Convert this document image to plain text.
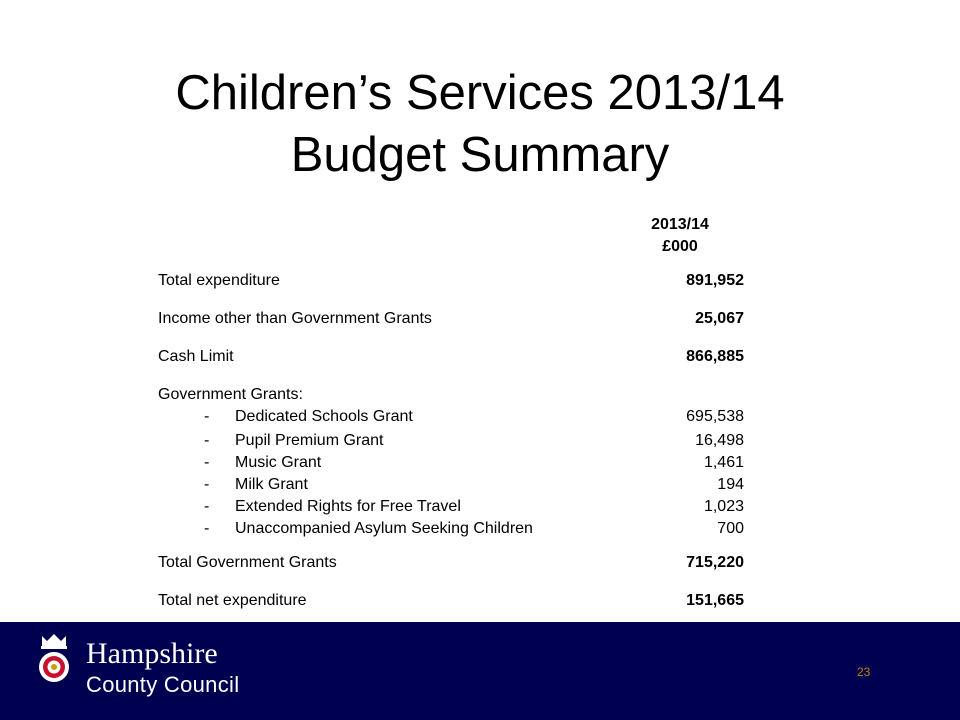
Children’s Services 2013/14
Budget Summary
2013/14
£000
Total expenditure	891,952
Income other than Government Grants	25,067
Cash Limit	866,885
Government Grants:
- Dedicated Schools Grant	695,538
- Pupil Premium Grant	16,498
- Music Grant	1,461
- Milk Grant	194
- Extended Rights for Free Travel	1,023
- Unaccompanied Asylum Seeking Children	700
Total Government Grants	715,220
Total net expenditure	151,665
Hampshire
County Council	23
